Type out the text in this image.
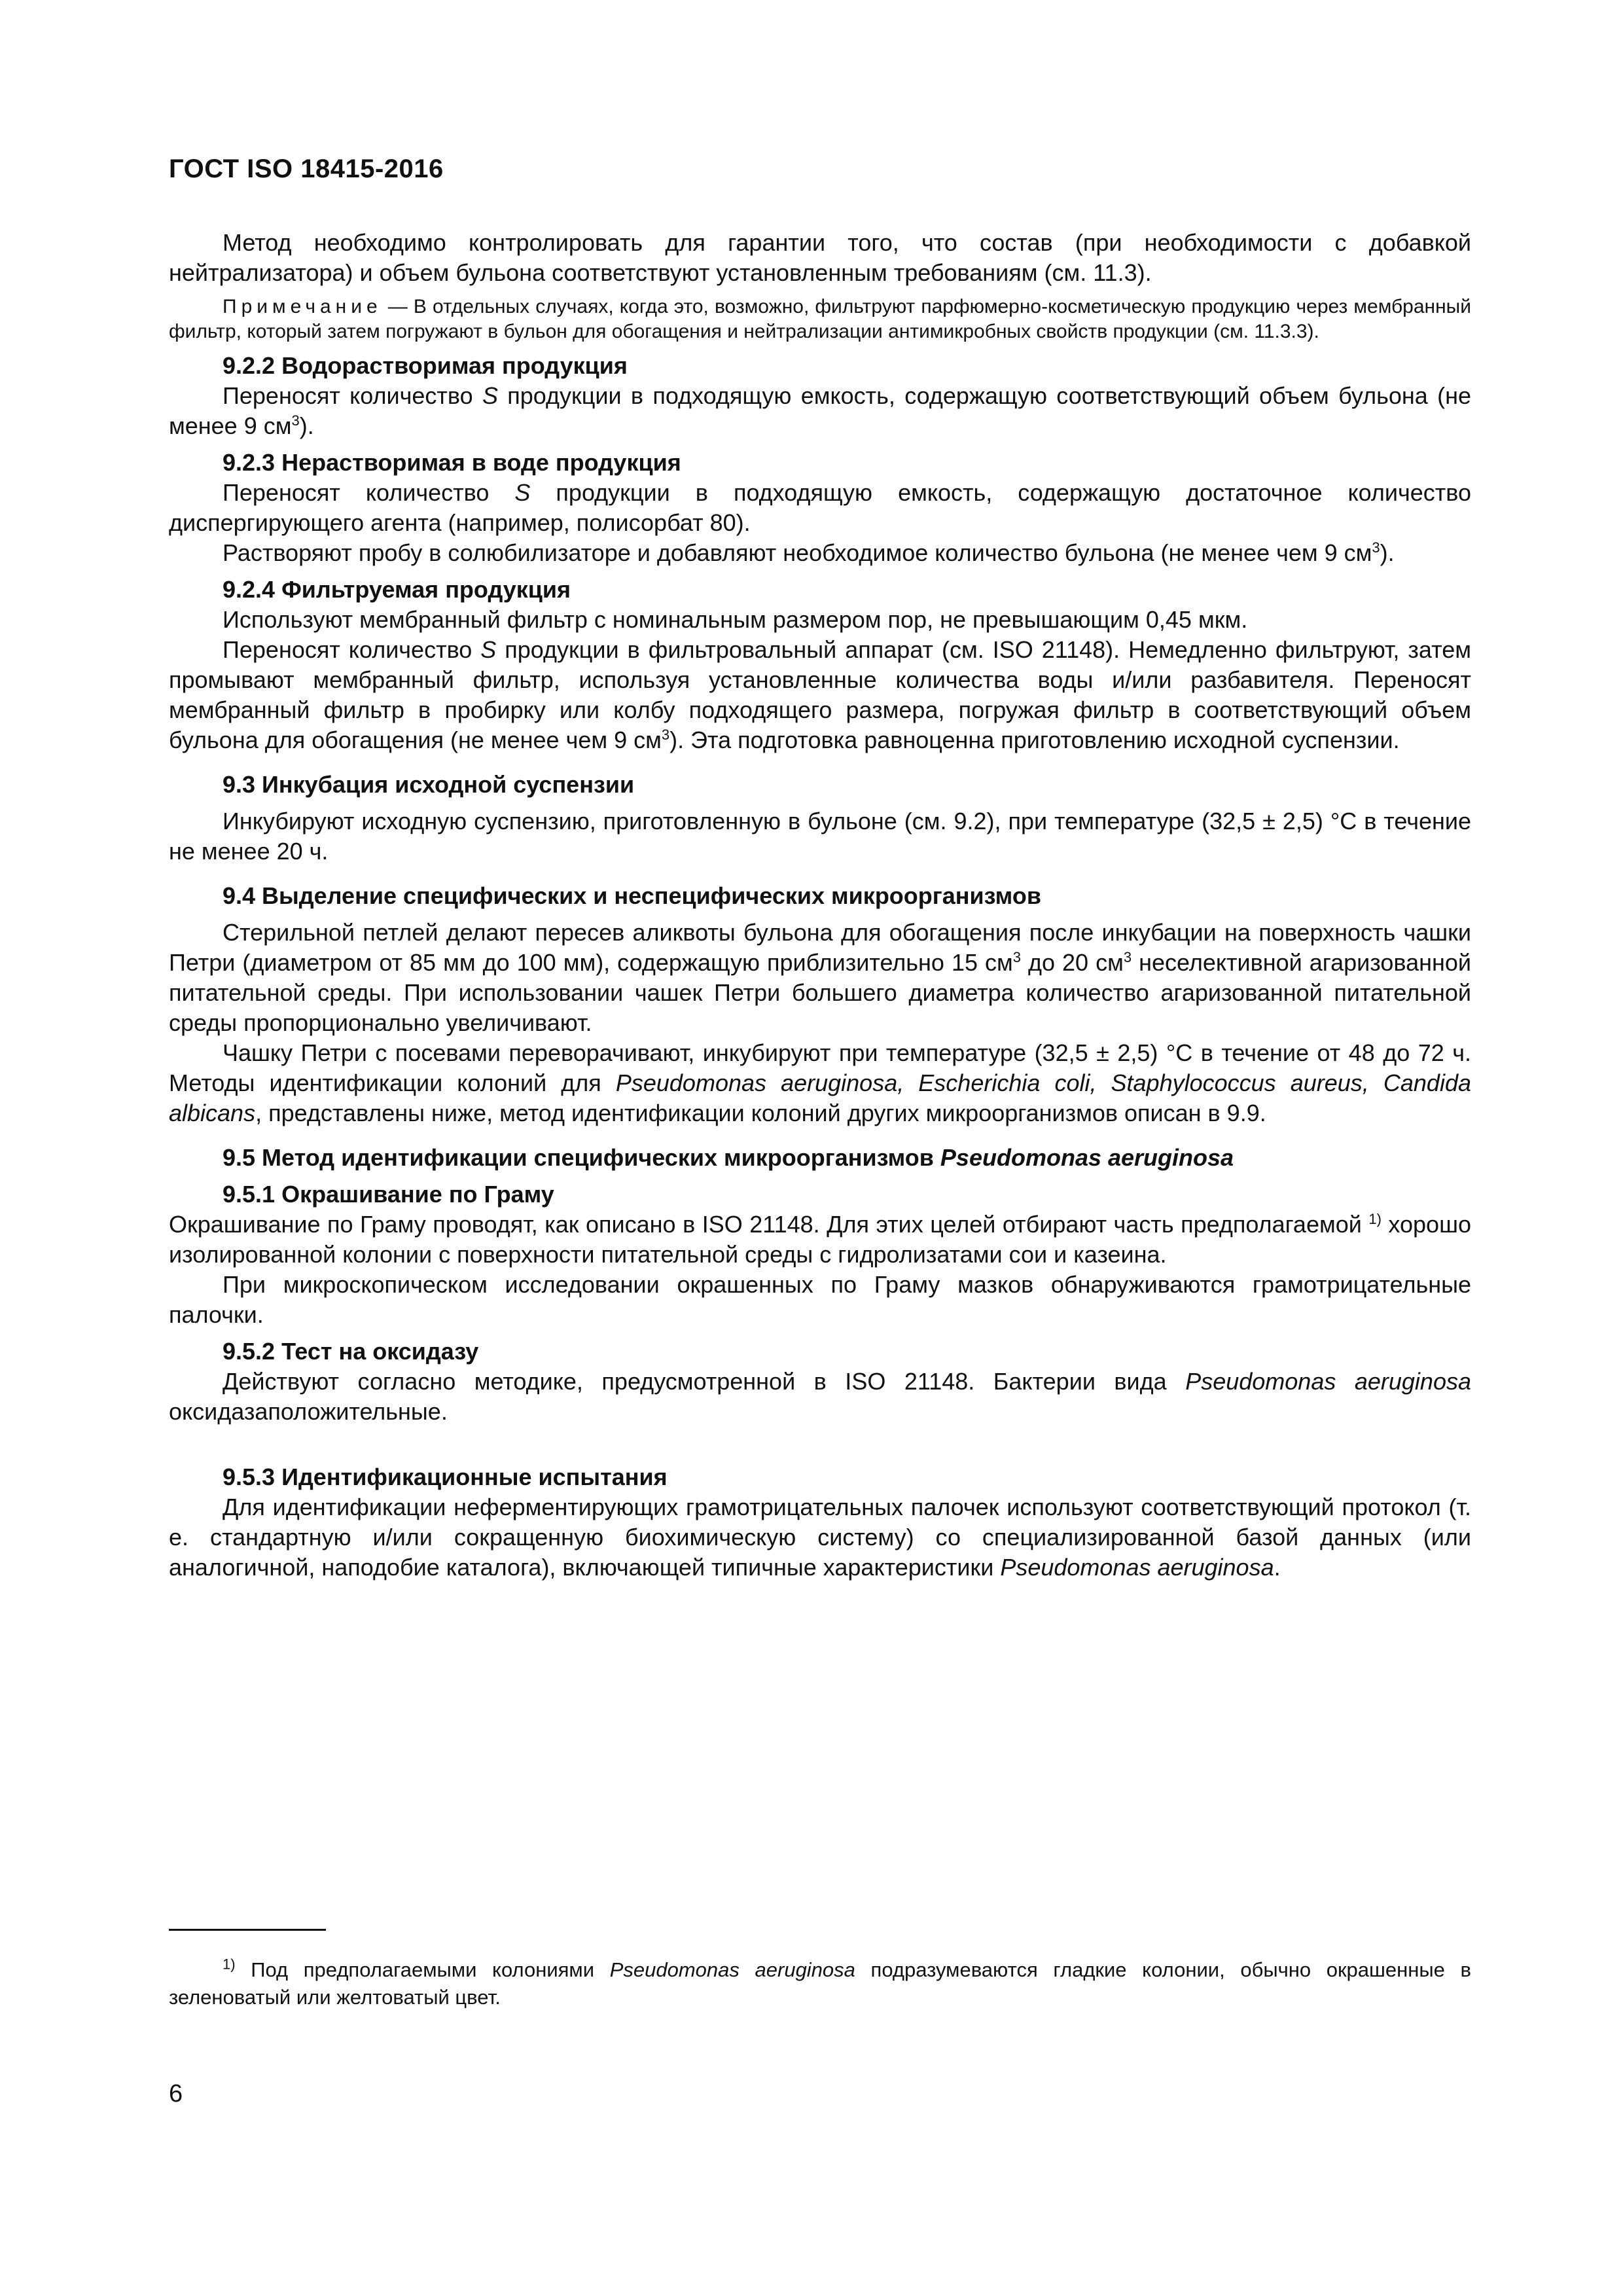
ГОСТ ISO 18415-2016

Метод необходимо контролировать для гарантии того, что состав (при необходимости с добавкой нейтрализатора) и объем бульона соответствуют установленным требованиям (см. 11.3).

Примечание — В отдельных случаях, когда это, возможно, фильтруют парфюмерно-косметическую продукцию через мембранный фильтр, который затем погружают в бульон для обогащения и нейтрализации антимикробных свойств продукции (см. 11.3.3).

9.2.2 Водорастворимая продукция

Переносят количество S продукции в подходящую емкость, содержащую соответствующий объем бульона (не менее 9 $см^3$).

9.2.3 Нерастворимая в воде продукция

Переносят количество S продукции в подходящую емкость, содержащую достаточное количество диспергирующего агента (например, полисорбат 80).

Растворяют пробу в солюбилизаторе и добавляют необходимое количество бульона (не менее чем 9 $см^3$).

9.2.4 Фильтруемая продукция

Используют мембранный фильтр с номинальным размером пор, не превышающим 0,45 мкм.

Переносят количество S продукции в фильтровальный аппарат (см. ISO 21148). Немедленно фильтруют, затем промывают мембранный фильтр, используя установленные количества воды и/или разбавителя. Переносят мембранный фильтр в пробирку или колбу подходящего размера, погружая фильтр в соответствующий объем бульона для обогащения (не менее чем 9 $см^3$). Эта подготовка равноценна приготовлению исходной суспензии.

9.3 Инкубация исходной суспензии

Инкубируют исходную суспензию, приготовленную в бульоне (см. 9.2), при температуре (32,5 ± 2,5) °С в течение не менее 20 ч.

9.4 Выделение специфических и неспецифических микроорганизмов

Стерильной петлей делают пересев аликвоты бульона для обогащения после инкубации на поверхность чашки Петри (диаметром от 85 мм до 100 мм), содержащую приблизительно 15 $см^3$ до 20 $см^3$ неселективной агаризованной питательной среды. При использовании чашек Петри большего диаметра количество агаризованной питательной среды пропорционально увеличивают.

Чашку Петри с посевами переворачивают, инкубируют при температуре (32,5 ± 2,5) °С в течение от 48 до 72 ч. Методы идентификации колоний для Pseudomonas aeruginosa, Escherichia coli, Staphylococcus aureus, Candida albicans, представлены ниже, метод идентификации колоний других микроорганизмов описан в 9.9.

9.5 Метод идентификации специфических микроорганизмов Pseudomonas aeruginosa

9.5.1 Окрашивание по Граму

Окрашивание по Граму проводят, как описано в ISO 21148. Для этих целей отбирают часть предполагаемой $^{1)}$ хорошо изолированной колонии с поверхности питательной среды с гидролизатами сои и казеина.

При микроскопическом исследовании окрашенных по Граму мазков обнаруживаются грамотрицательные палочки.

9.5.2 Тест на оксидазу

Действуют согласно методике, предусмотренной в ISO 21148. Бактерии вида Pseudomonas aeruginosa оксидазаположительные.

9.5.3 Идентификационные испытания

Для идентификации неферментирующих грамотрицательных палочек используют соответствующий протокол (т. е. стандартную и/или сокращенную биохимическую систему) со специализированной базой данных (или аналогичной, наподобие каталога), включающей типичные характеристики Pseudomonas aeruginosa.

$^{1)}$ Под предполагаемыми колониями Pseudomonas aeruginosa подразумеваются гладкие колонии, обычно окрашенные в зеленоватый или желтоватый цвет.

6
